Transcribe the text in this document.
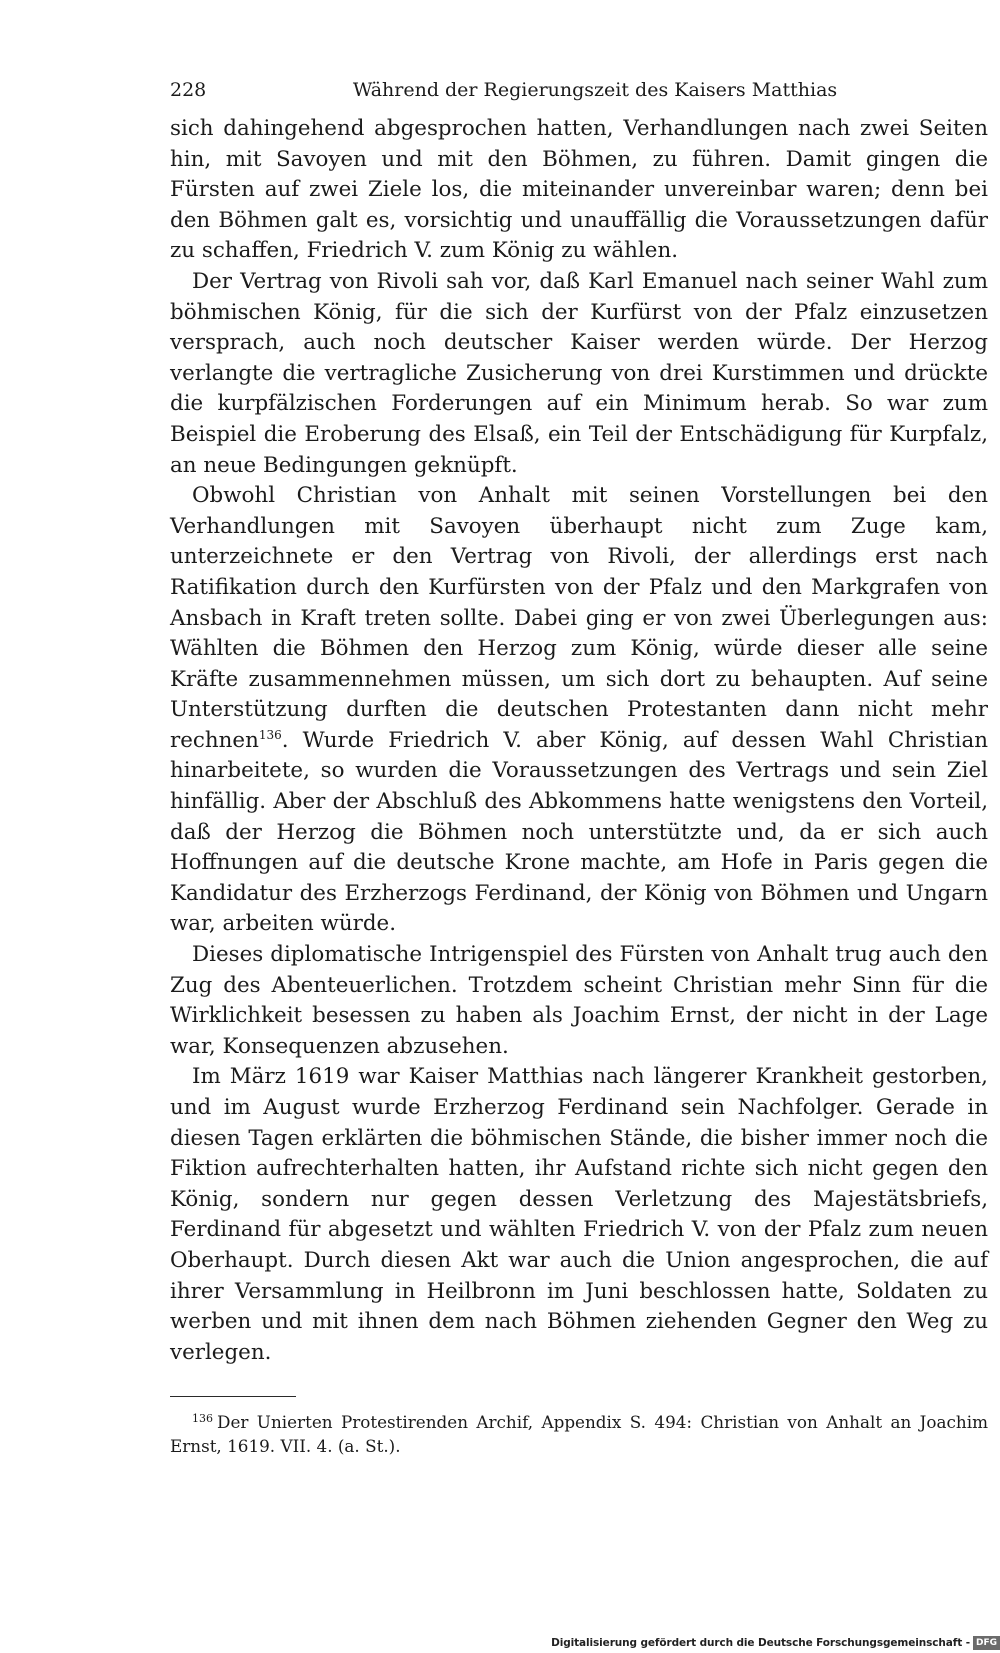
228	Während der Regierungszeit des Kaisers Matthias

sich dahingehend abgesprochen hatten, Verhandlungen nach zwei Seiten hin, mit Savoyen und mit den Böhmen, zu führen. Damit gingen die Fürsten auf zwei Ziele los, die miteinander unvereinbar waren; denn bei den Böhmen galt es, vorsichtig und unauffällig die Voraussetzungen dafür zu schaffen, Friedrich V. zum König zu wählen.

Der Vertrag von Rivoli sah vor, daß Karl Emanuel nach seiner Wahl zum böhmischen König, für die sich der Kurfürst von der Pfalz einzusetzen versprach, auch noch deutscher Kaiser werden würde. Der Herzog verlangte die vertragliche Zusicherung von drei Kurstimmen und drückte die kurpfälzischen Forderungen auf ein Minimum herab. So war zum Beispiel die Eroberung des Elsaß, ein Teil der Entschädigung für Kurpfalz, an neue Bedingungen geknüpft.

Obwohl Christian von Anhalt mit seinen Vorstellungen bei den Verhandlungen mit Savoyen überhaupt nicht zum Zuge kam, unterzeichnete er den Vertrag von Rivoli, der allerdings erst nach Ratifikation durch den Kurfürsten von der Pfalz und den Markgrafen von Ansbach in Kraft treten sollte. Dabei ging er von zwei Überlegungen aus: Wählten die Böhmen den Herzog zum König, würde dieser alle seine Kräfte zusammennehmen müssen, um sich dort zu behaupten. Auf seine Unterstützung durften die deutschen Protestanten dann nicht mehr rechnen$^{136}$. Wurde Friedrich V. aber König, auf dessen Wahl Christian hinarbeitete, so wurden die Voraussetzungen des Vertrags und sein Ziel hinfällig. Aber der Abschluß des Abkommens hatte wenigstens den Vorteil, daß der Herzog die Böhmen noch unterstützte und, da er sich auch Hoffnungen auf die deutsche Krone machte, am Hofe in Paris gegen die Kandidatur des Erzherzogs Ferdinand, der König von Böhmen und Ungarn war, arbeiten würde.

Dieses diplomatische Intrigenspiel des Fürsten von Anhalt trug auch den Zug des Abenteuerlichen. Trotzdem scheint Christian mehr Sinn für die Wirklichkeit besessen zu haben als Joachim Ernst, der nicht in der Lage war, Konsequenzen abzusehen.

Im März 1619 war Kaiser Matthias nach längerer Krankheit gestorben, und im August wurde Erzherzog Ferdinand sein Nachfolger. Gerade in diesen Tagen erklärten die böhmischen Stände, die bisher immer noch die Fiktion aufrechterhalten hatten, ihr Aufstand richte sich nicht gegen den König, sondern nur gegen dessen Verletzung des Majestätsbriefs, Ferdinand für abgesetzt und wählten Friedrich V. von der Pfalz zum neuen Oberhaupt. Durch diesen Akt war auch die Union angesprochen, die auf ihrer Versammlung in Heilbronn im Juni beschlossen hatte, Soldaten zu werben und mit ihnen dem nach Böhmen ziehenden Gegner den Weg zu verlegen.

$^{136}$ Der Unierten Protestirenden Archif, Appendix S. 494: Christian von Anhalt an Joachim Ernst, 1619. VII. 4. (a. St.).
Digitalisierung gefördert durch die Deutsche Forschungsgemeinschaft - DFG
